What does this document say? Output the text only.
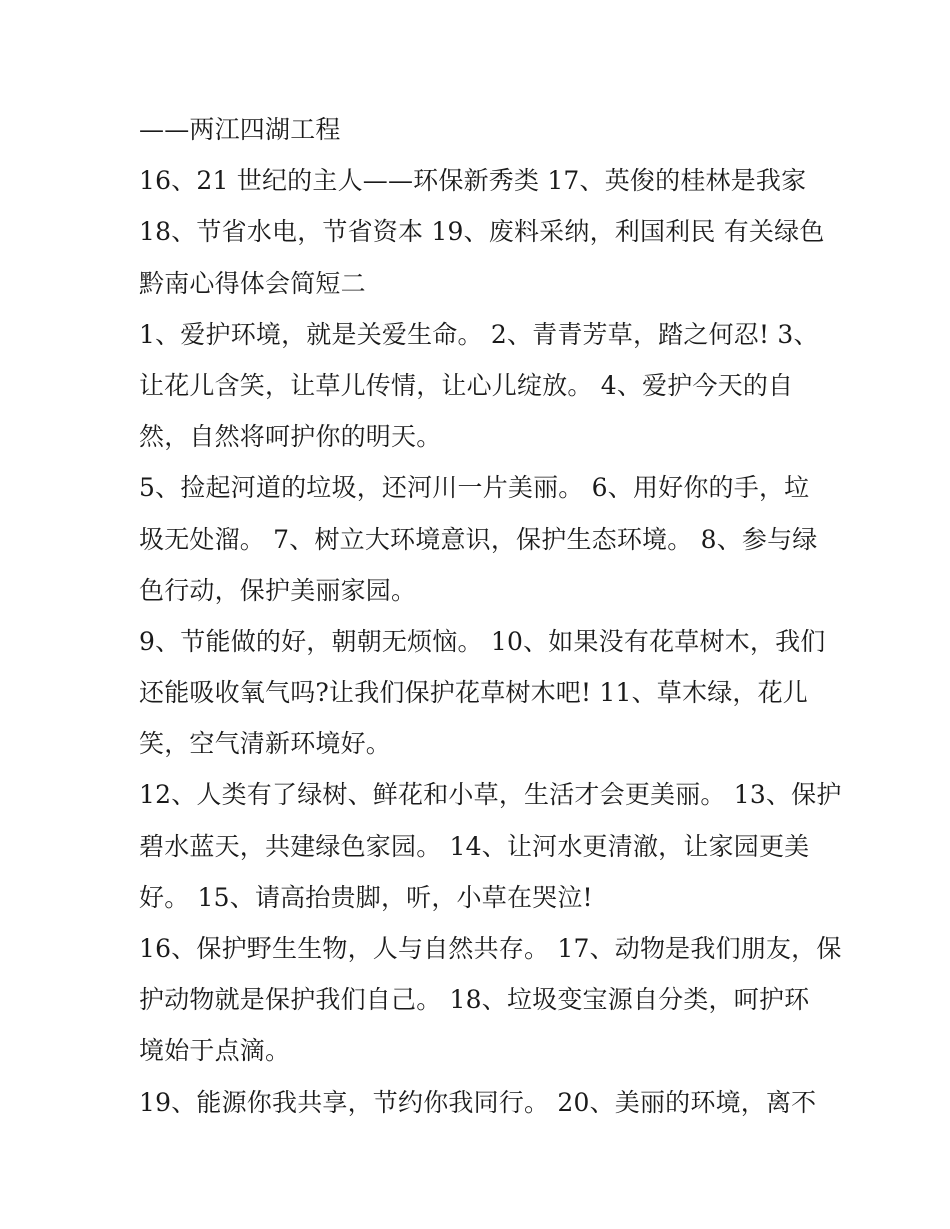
——两江四湖工程
16、21 世纪的主人——环保新秀类 17、英俊的桂林是我家
18、节省水电，节省资本 19、废料采纳，利国利民 有关绿色
黔南心得体会简短二
1、爱护环境，就是关爱生命。 2、青青芳草，踏之何忍! 3、
让花儿含笑，让草儿传情，让心儿绽放。 4、爱护今天的自
然，自然将呵护你的明天。
5、捡起河道的垃圾，还河川一片美丽。 6、用好你的手，垃
圾无处溜。 7、树立大环境意识，保护生态环境。 8、参与绿
色行动，保护美丽家园。
9、节能做的好，朝朝无烦恼。 10、如果没有花草树木，我们
还能吸收氧气吗?让我们保护花草树木吧! 11、草木绿，花儿
笑，空气清新环境好。
12、人类有了绿树、鲜花和小草，生活才会更美丽。 13、保护
碧水蓝天，共建绿色家园。 14、让河水更清澈，让家园更美
好。 15、请高抬贵脚，听，小草在哭泣!
16、保护野生生物，人与自然共存。 17、动物是我们朋友，保
护动物就是保护我们自己。 18、垃圾变宝源自分类，呵护环
境始于点滴。
19、能源你我共享，节约你我同行。 20、美丽的环境，离不
